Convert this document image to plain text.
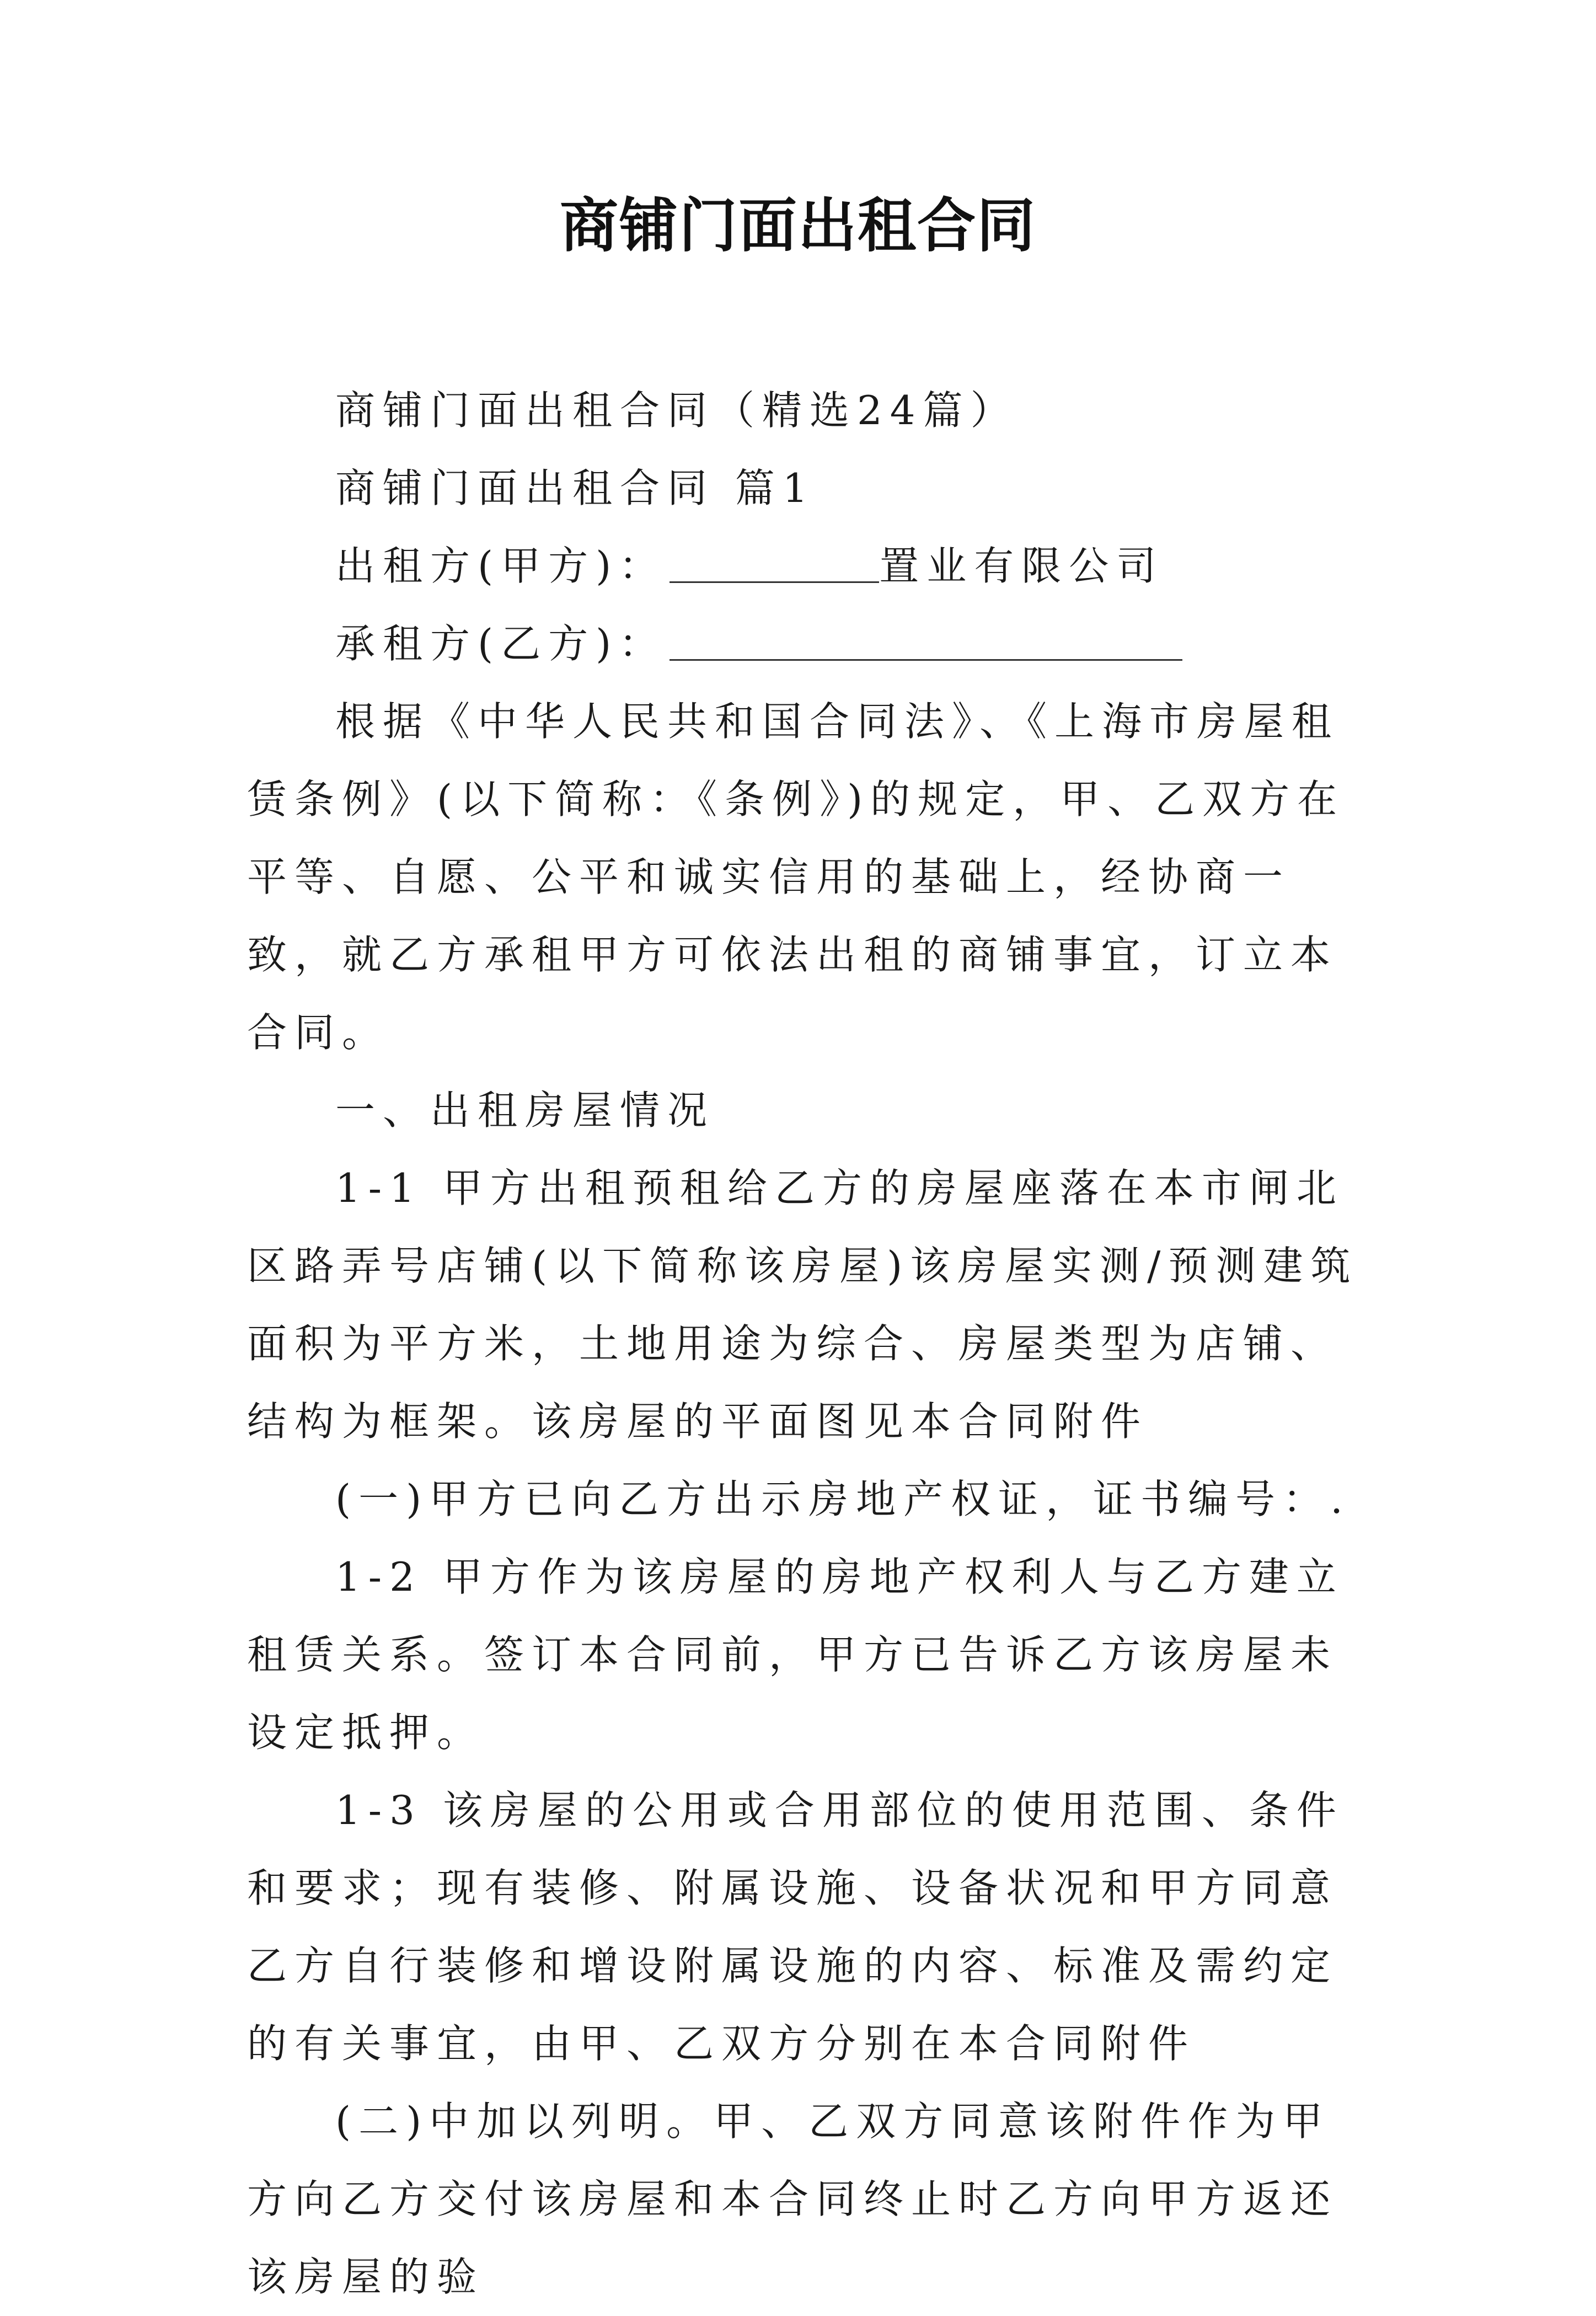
商铺门面出租合同

商铺门面出租合同（精选24篇）

商铺门面出租合同 篇1

出租方(甲方)：	置业有限公司

承租方(乙方)：

根据《中华人民共和国合同法》、《上海市房屋租赁条例》(以下简称：《条例》)的规定，甲、乙双方在平等、自愿、公平和诚实信用的基础上，经协商一致，就乙方承租甲方可依法出租的商铺事宜，订立本合同。

一、出租房屋情况

1-1 甲方出租预租给乙方的房屋座落在本市闸北区路弄号店铺(以下简称该房屋)该房屋实测/预测建筑面积为平方米，土地用途为综合、房屋类型为店铺、结构为框架。该房屋的平面图见本合同附件

(一)甲方已向乙方出示房地产权证，证书编号：.

1-2 甲方作为该房屋的房地产权利人与乙方建立租赁关系。签订本合同前，甲方已告诉乙方该房屋未设定抵押。

1-3 该房屋的公用或合用部位的使用范围、条件和要求；现有装修、附属设施、设备状况和甲方同意乙方自行装修和增设附属设施的内容、标准及需约定的有关事宜，由甲、乙双方分别在本合同附件

(二)中加以列明。甲、乙双方同意该附件作为甲方向乙方交付该房屋和本合同终止时乙方向甲方返还该房屋的验
